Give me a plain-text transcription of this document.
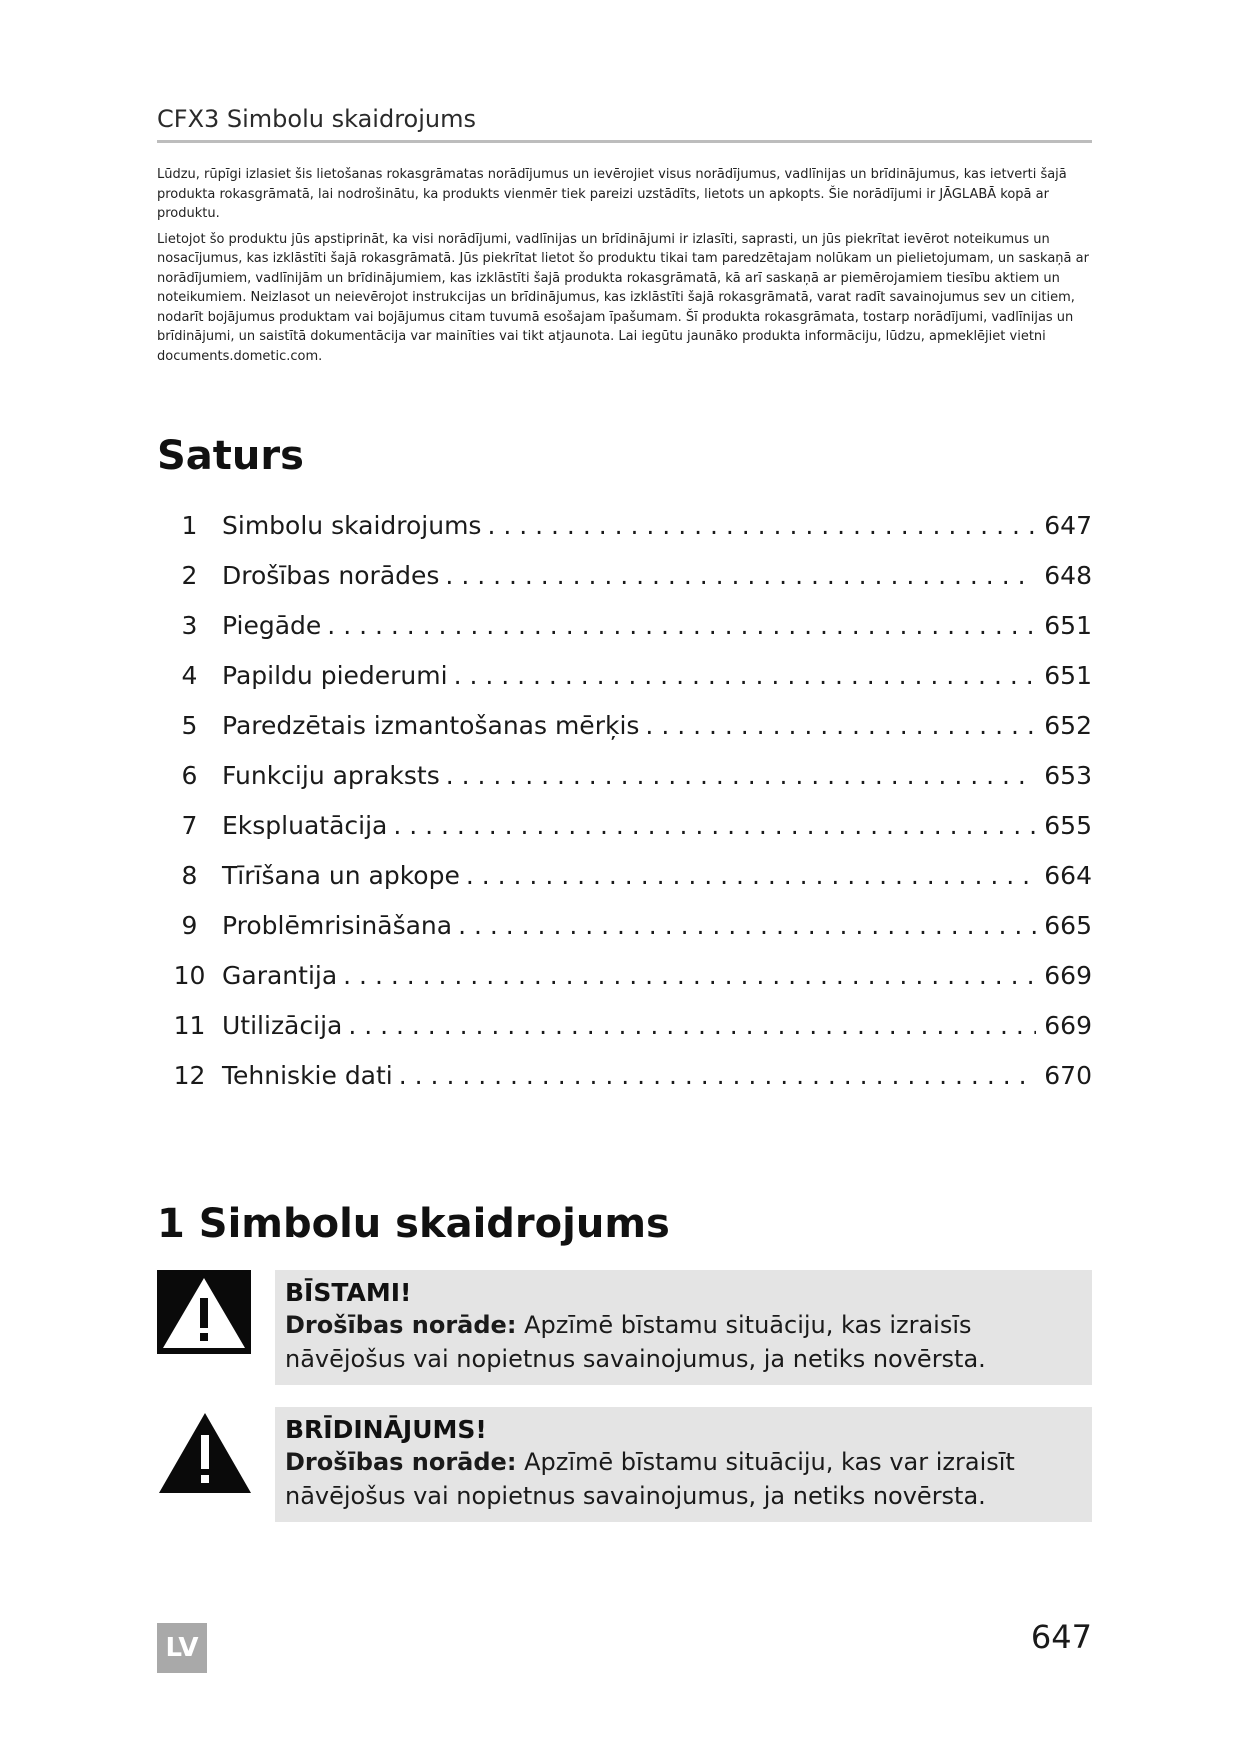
CFX3 Simbolu skaidrojums

Lūdzu, rūpīgi izlasiet šis lietošanas rokasgrāmatas norādījumus un ievērojiet visus norādījumus, vadlīnijas un brīdinājumus, kas ietverti šajā produkta rokasgrāmatā, lai nodrošinātu, ka produkts vienmēr tiek pareizi uzstādīts, lietots un apkopts. Šie norādījumi ir JĀGLABĀ kopā ar produktu.

Lietojot šo produktu jūs apstiprināt, ka visi norādījumi, vadlīnijas un brīdinājumi ir izlasīti, saprasti, un jūs piekrītat ievērot noteikumus un nosacījumus, kas izklāstīti šajā rokasgrāmatā. Jūs piekrītat lietot šo produktu tikai tam paredzētajam nolūkam un pielietojumam, un saskaņā ar norādījumiem, vadlīnijām un brīdinājumiem, kas izklāstīti šajā produkta rokasgrāmatā, kā arī saskaņā ar piemērojamiem tiesību aktiem un noteikumiem. Neizlasot un neievērojot instrukcijas un brīdinājumus, kas izklāstīti šajā rokasgrāmatā, varat radīt savainojumus sev un citiem, nodarīt bojājumus produktam vai bojājumus citam tuvumā esošajam īpašumam. Šī produkta rokasgrāmata, tostarp norādījumi, vadlīnijas un brīdinājumi, un saistītā dokumentācija var mainīties vai tikt atjaunota. Lai iegūtu jaunāko produkta informāciju, lūdzu, apmeklējiet vietni documents.dometic.com.

Saturs
1 Simbolu skaidrojums . . .	647
2 Drošības norādes . . .	648
3 Piegāde . . .	651
4 Papildu piederumi . . .	651
5 Paredzētais izmantošanas mērķis . . .	652
6 Funkciju apraksts . . .	653
7 Ekspluatācija . . .	655
8 Tīrīšana un apkope . . .	664
9 Problēmrisināšana . . .	665
10 Garantija . . .	669
11 Utilizācija . . .	669
12 Tehniskie dati . . .	670
1 Simbolu skaidrojums
BĪSTAMI!
Drošības norāde: Apzīmē bīstamu situāciju, kas izraisīs nāvējošus vai nopietnus savainojumus, ja netiks novērsta.
BRĪDINĀJUMS!
Drošības norāde: Apzīmē bīstamu situāciju, kas var izraisīt nāvējošus vai nopietnus savainojumus, ja netiks novērsta.
LV	647
